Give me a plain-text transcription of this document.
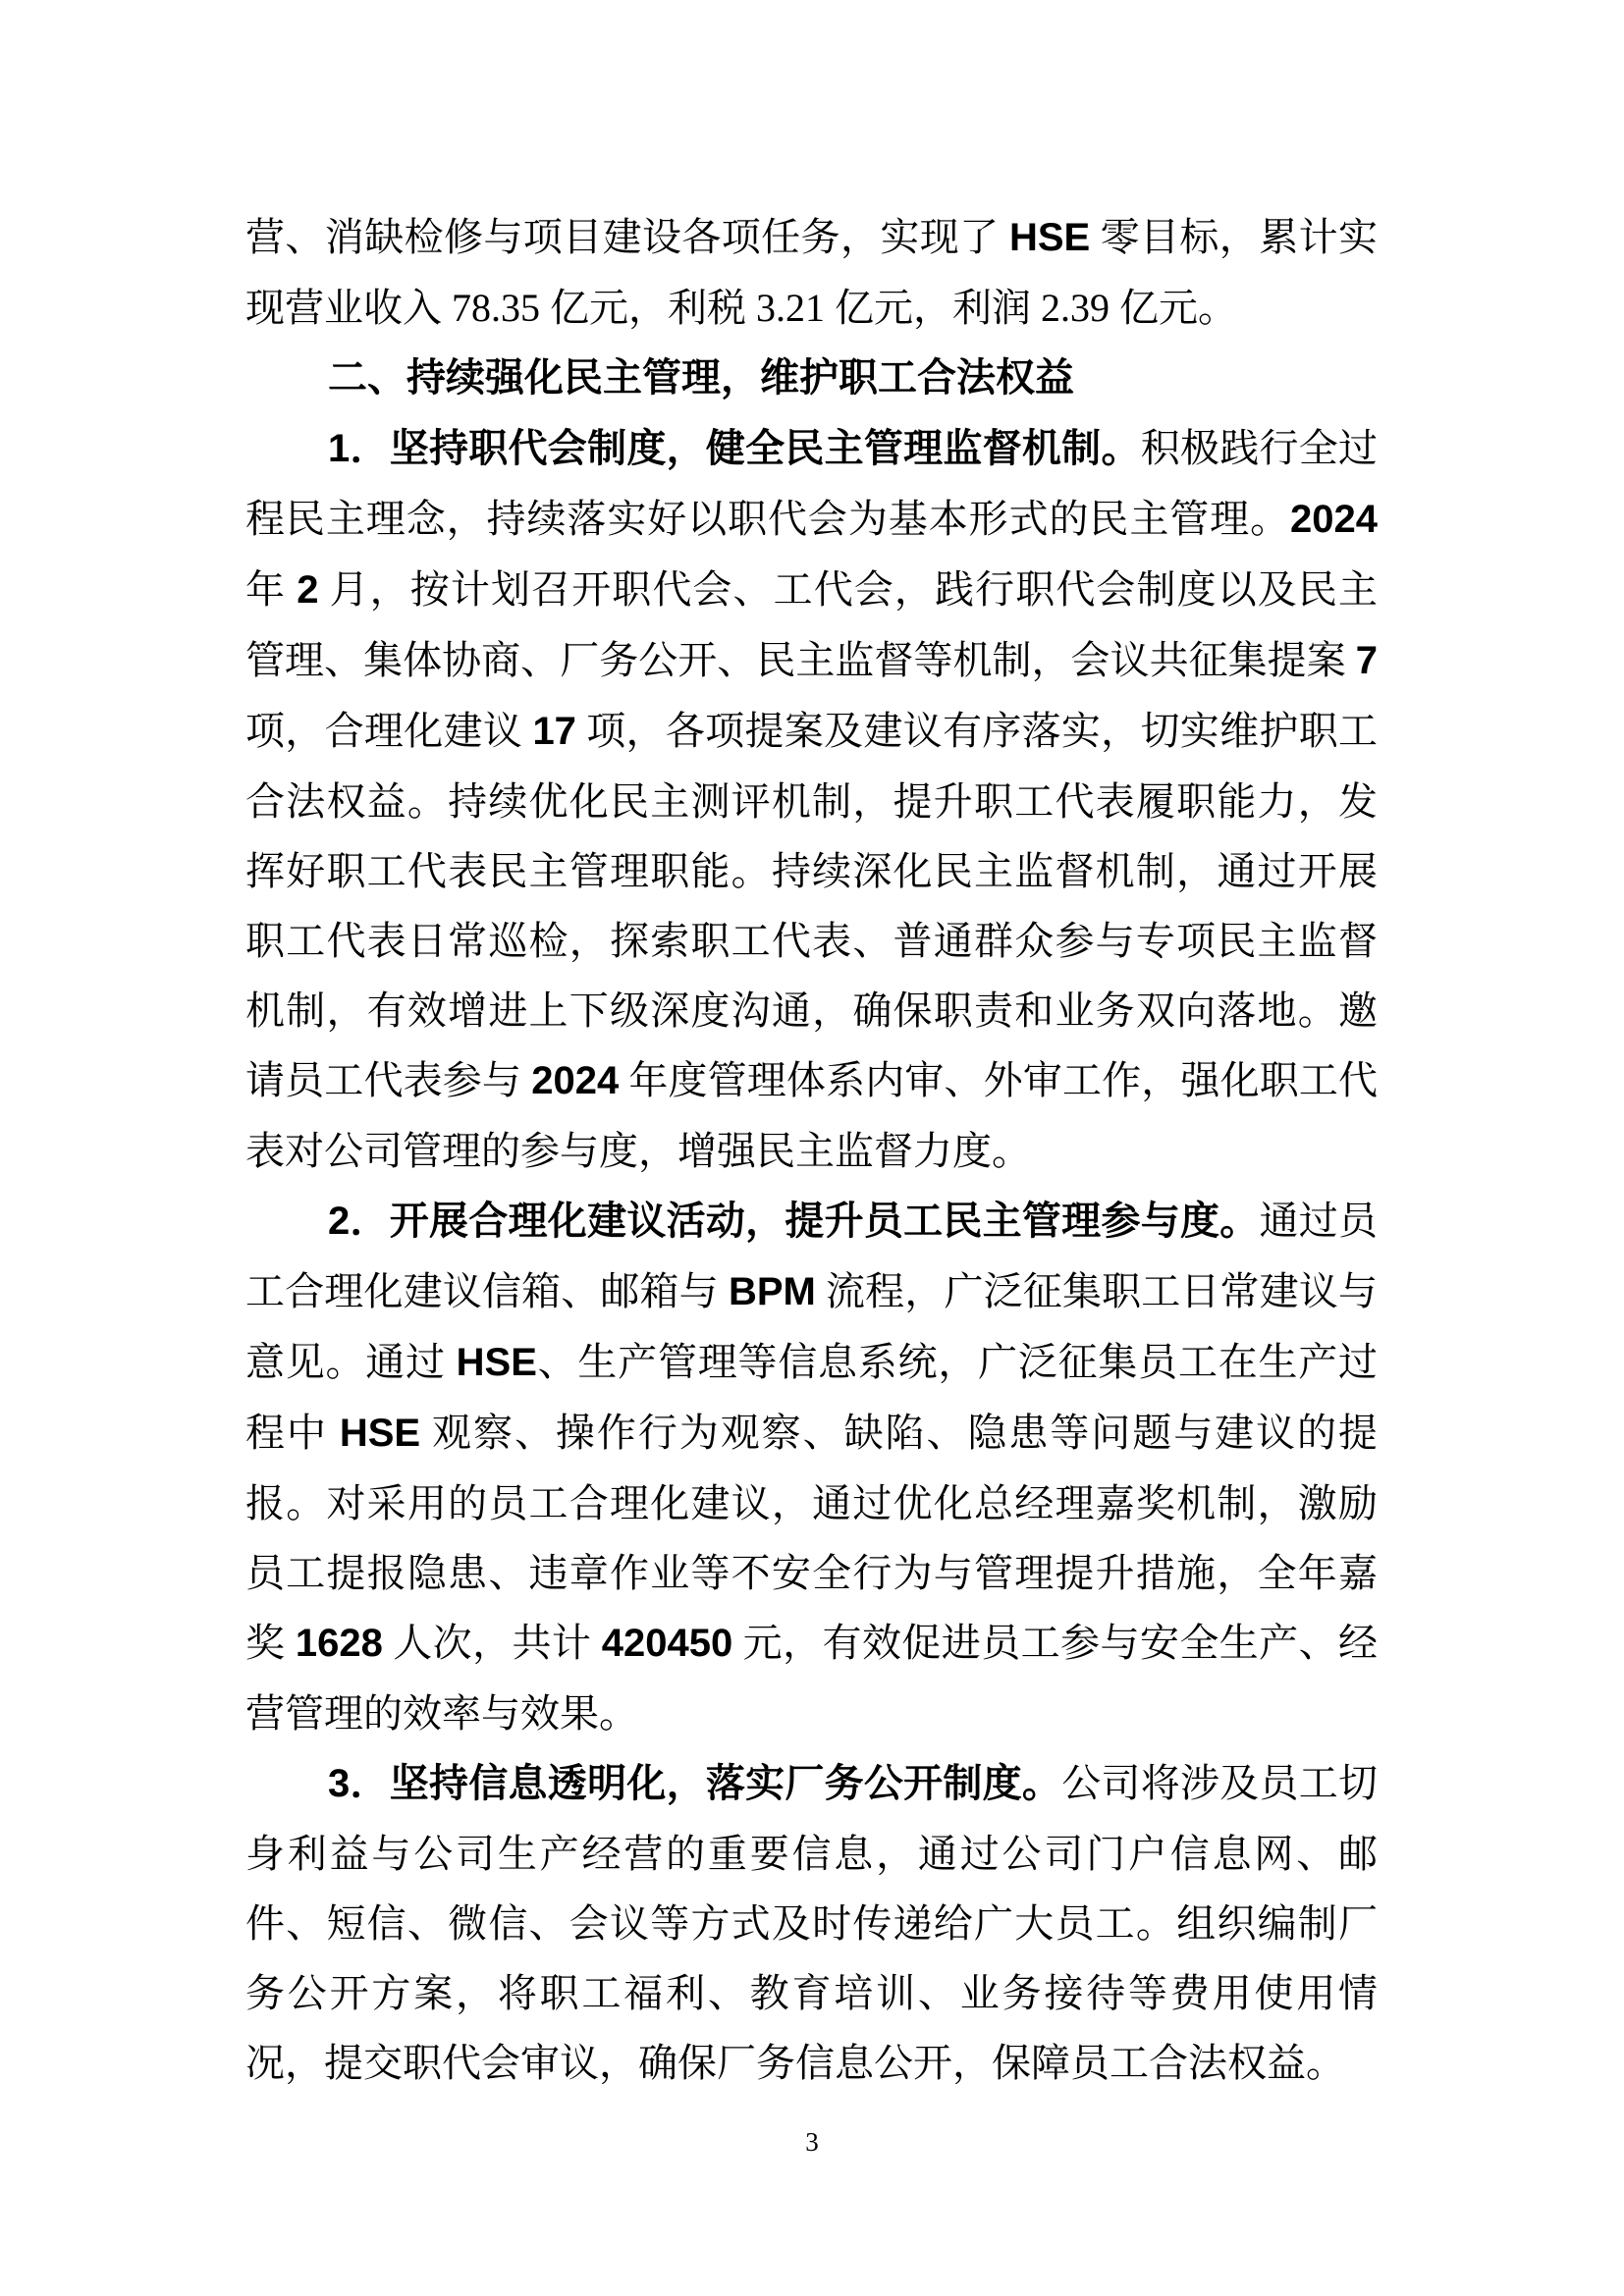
营、消缺检修与项目建设各项任务，实现了 HSE 零目标，累计实现营业收入 78.35 亿元，利税 3.21 亿元，利润 2.39 亿元。

二、持续强化民主管理，维护职工合法权益

1．坚持职代会制度，健全民主管理监督机制。积极践行全过程民主理念，持续落实好以职代会为基本形式的民主管理。2024 年 2 月，按计划召开职代会、工代会，践行职代会制度以及民主管理、集体协商、厂务公开、民主监督等机制，会议共征集提案 7 项，合理化建议 17 项，各项提案及建议有序落实，切实维护职工合法权益。持续优化民主测评机制，提升职工代表履职能力，发挥好职工代表民主管理职能。持续深化民主监督机制，通过开展职工代表日常巡检，探索职工代表、普通群众参与专项民主监督机制，有效增进上下级深度沟通，确保职责和业务双向落地。邀请员工代表参与 2024 年度管理体系内审、外审工作，强化职工代表对公司管理的参与度，增强民主监督力度。

2．开展合理化建议活动，提升员工民主管理参与度。通过员工合理化建议信箱、邮箱与 BPM 流程，广泛征集职工日常建议与意见。通过 HSE、生产管理等信息系统，广泛征集员工在生产过程中 HSE 观察、操作行为观察、缺陷、隐患等问题与建议的提报。对采用的员工合理化建议，通过优化总经理嘉奖机制，激励员工提报隐患、违章作业等不安全行为与管理提升措施，全年嘉奖 1628 人次，共计 420450 元，有效促进员工参与安全生产、经营管理的效率与效果。

3．坚持信息透明化，落实厂务公开制度。公司将涉及员工切身利益与公司生产经营的重要信息，通过公司门户信息网、邮件、短信、微信、会议等方式及时传递给广大员工。组织编制厂务公开方案，将职工福利、教育培训、业务接待等费用使用情况，提交职代会审议，确保厂务信息公开，保障员工合法权益。

3
